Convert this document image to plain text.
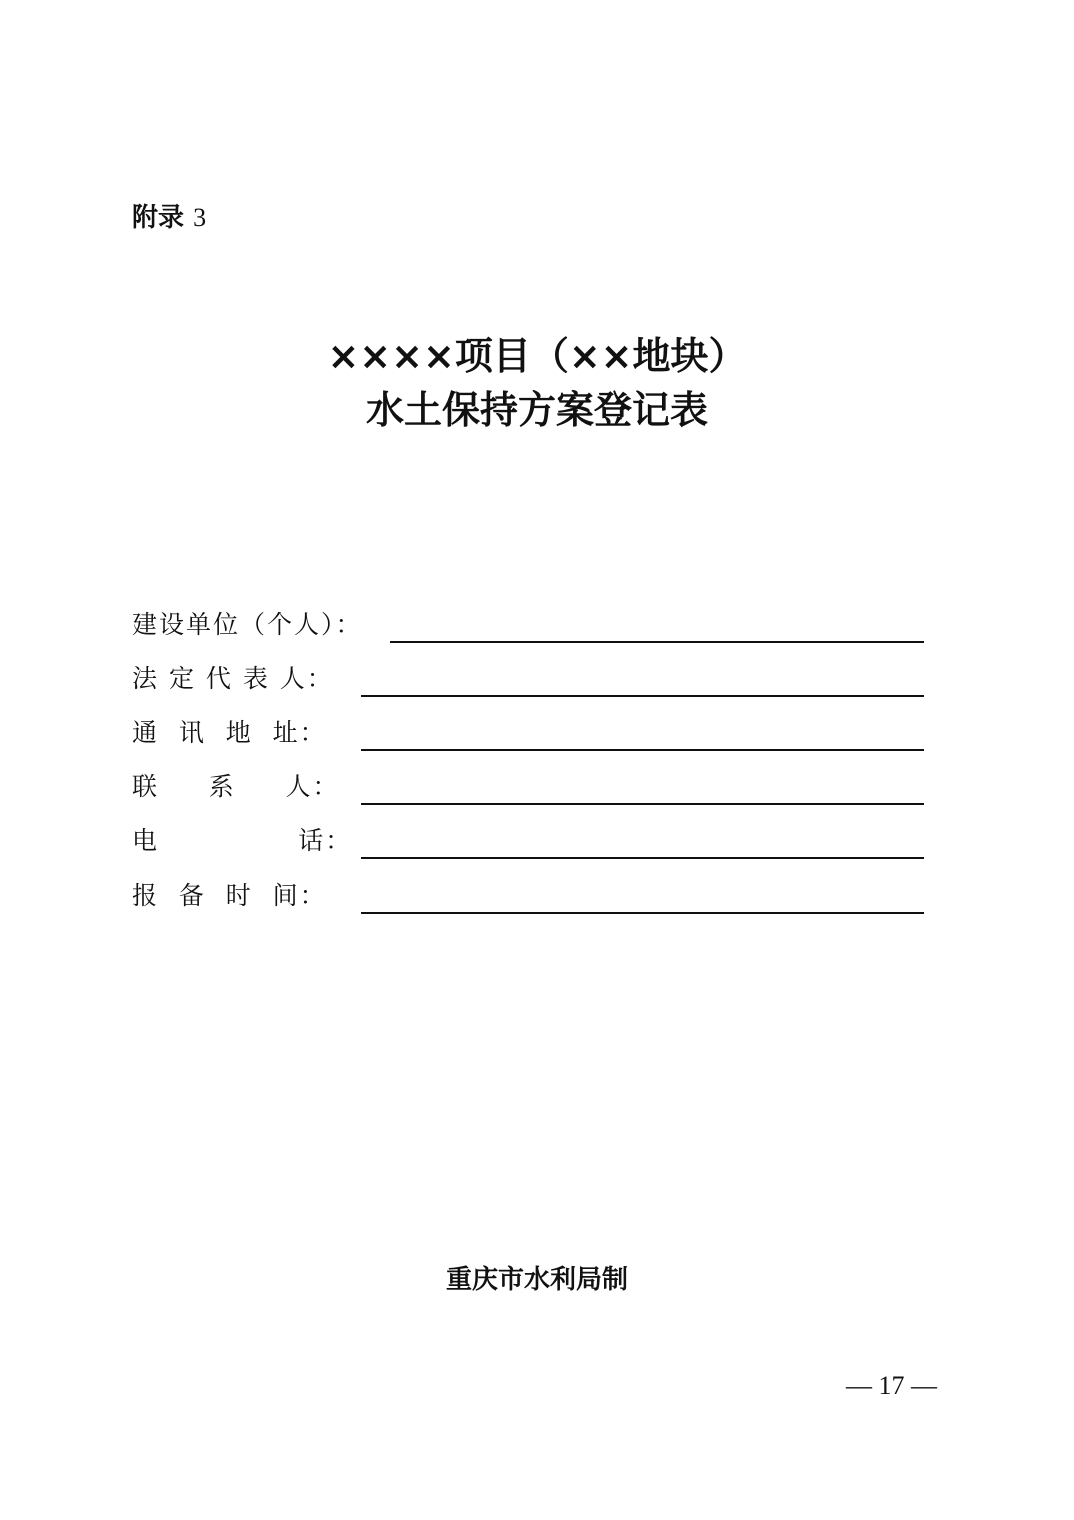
附录 3
××××项目（××地块）
水土保持方案登记表
建设单位（个人）：
法 定 代 表 人：
通  讯  地  址：
联     系     人：
电              话：
报  备  时  间：
重庆市水利局制
— 17 —
